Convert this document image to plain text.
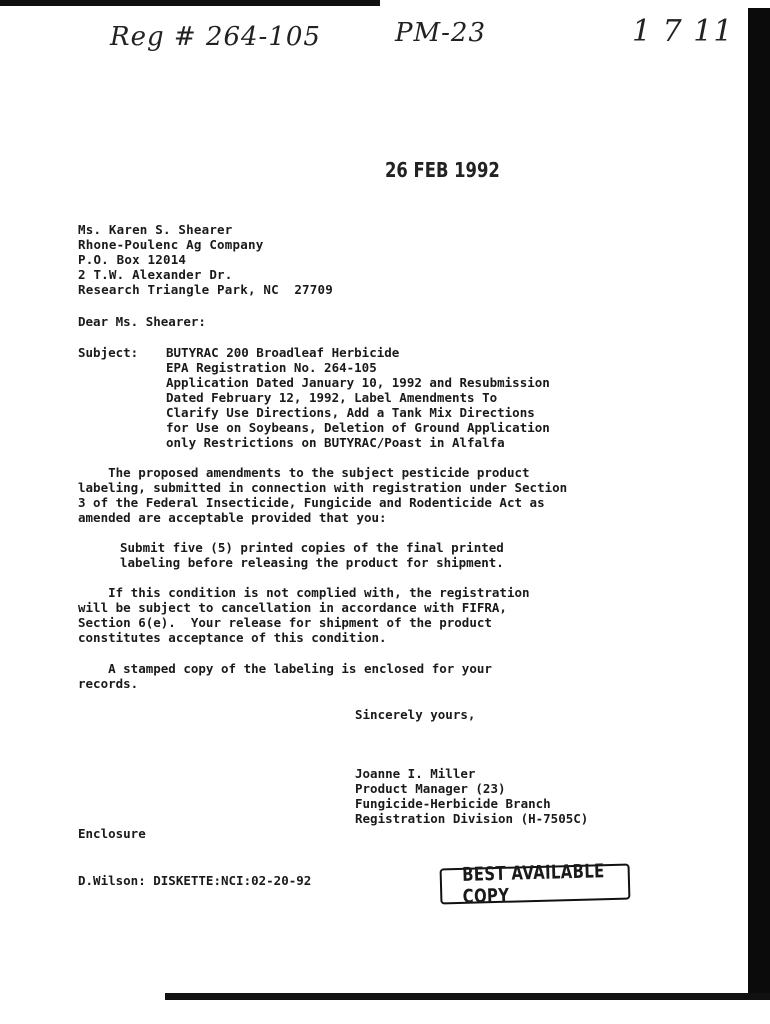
Reg # 264-105	PM-23	1 7 11
26 FEB 1992
Ms. Karen S. Shearer
Rhone-Poulenc Ag Company
P.O. Box 12014
2 T.W. Alexander Dr.
Research Triangle Park, NC  27709
Dear Ms. Shearer:
Subject: BUTYRAC 200 Broadleaf Herbicide
EPA Registration No. 264-105
Application Dated January 10, 1992 and Resubmission
Dated February 12, 1992, Label Amendments To
Clarify Use Directions, Add a Tank Mix Directions
for Use on Soybeans, Deletion of Ground Application
only Restrictions on BUTYRAC/Poast in Alfalfa
The proposed amendments to the subject pesticide product
labeling, submitted in connection with registration under Section
3 of the Federal Insecticide, Fungicide and Rodenticide Act as
amended are acceptable provided that you:
Submit five (5) printed copies of the final printed
labeling before releasing the product for shipment.
If this condition is not complied with, the registration
will be subject to cancellation in accordance with FIFRA,
Section 6(e).  Your release for shipment of the product
constitutes acceptance of this condition.
A stamped copy of the labeling is enclosed for your
records.
Sincerely yours,
Joanne I. Miller
Product Manager (23)
Fungicide-Herbicide Branch
Registration Division (H-7505C)
Enclosure
D.Wilson: DISKETTE:NCI:02-20-92	BEST AVAILABLE COPY
